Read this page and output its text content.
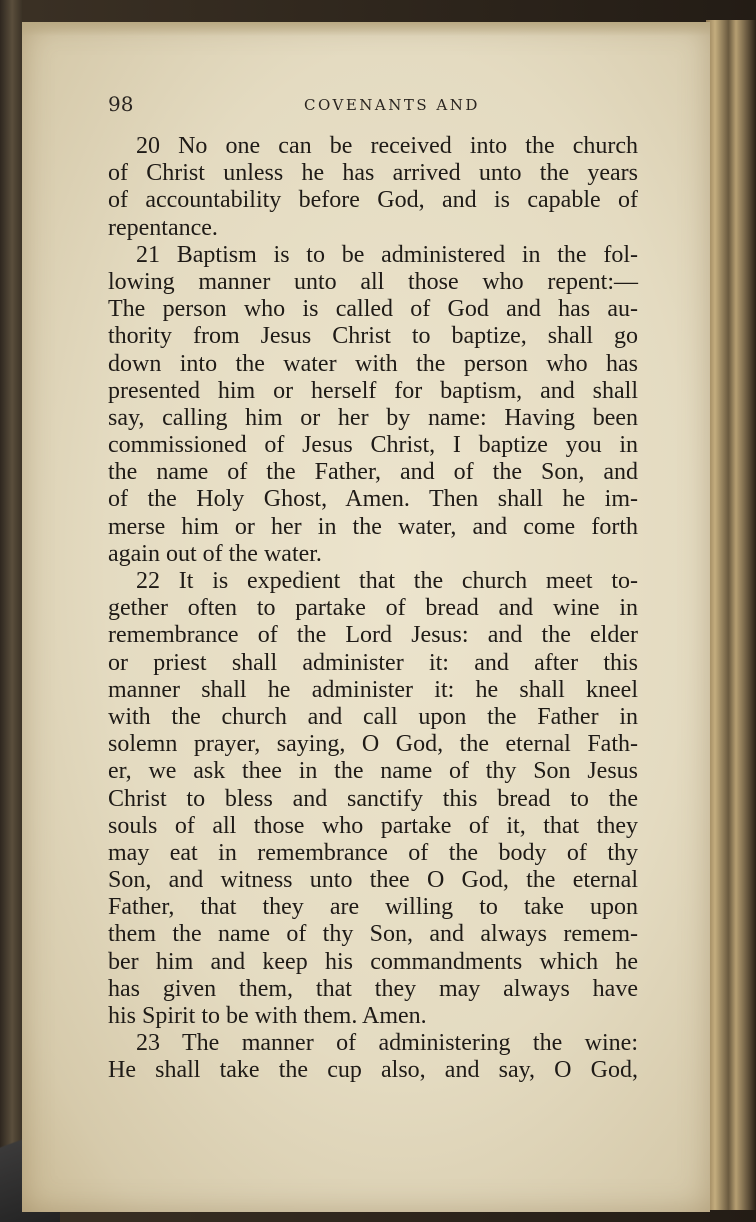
98	COVENANTS AND
20 No one can be received into the church
of Christ unless he has arrived unto the years
of accountability before God, and is capable of
repentance.
21 Baptism is to be administered in the fol-
lowing manner unto all those who repent:—
The person who is called of God and has au-
thority from Jesus Christ to baptize, shall go
down into the water with the person who has
presented him or herself for baptism, and shall
say, calling him or her by name: Having been
commissioned of Jesus Christ, I baptize you in
the name of the Father, and of the Son, and
of the Holy Ghost, Amen. Then shall he im-
merse him or her in the water, and come forth
again out of the water.
22 It is expedient that the church meet to-
gether often to partake of bread and wine in
remembrance of the Lord Jesus: and the elder
or priest shall administer it: and after this
manner shall he administer it: he shall kneel
with the church and call upon the Father in
solemn prayer, saying, O God, the eternal Fath-
er, we ask thee in the name of thy Son Jesus
Christ to bless and sanctify this bread to the
souls of all those who partake of it, that they
may eat in remembrance of the body of thy
Son, and witness unto thee O God, the eternal
Father, that they are willing to take upon
them the name of thy Son, and always remem-
ber him and keep his commandments which he
has given them, that they may always have
his Spirit to be with them. Amen.
23 The manner of administering the wine:
He shall take the cup also, and say, O God,
